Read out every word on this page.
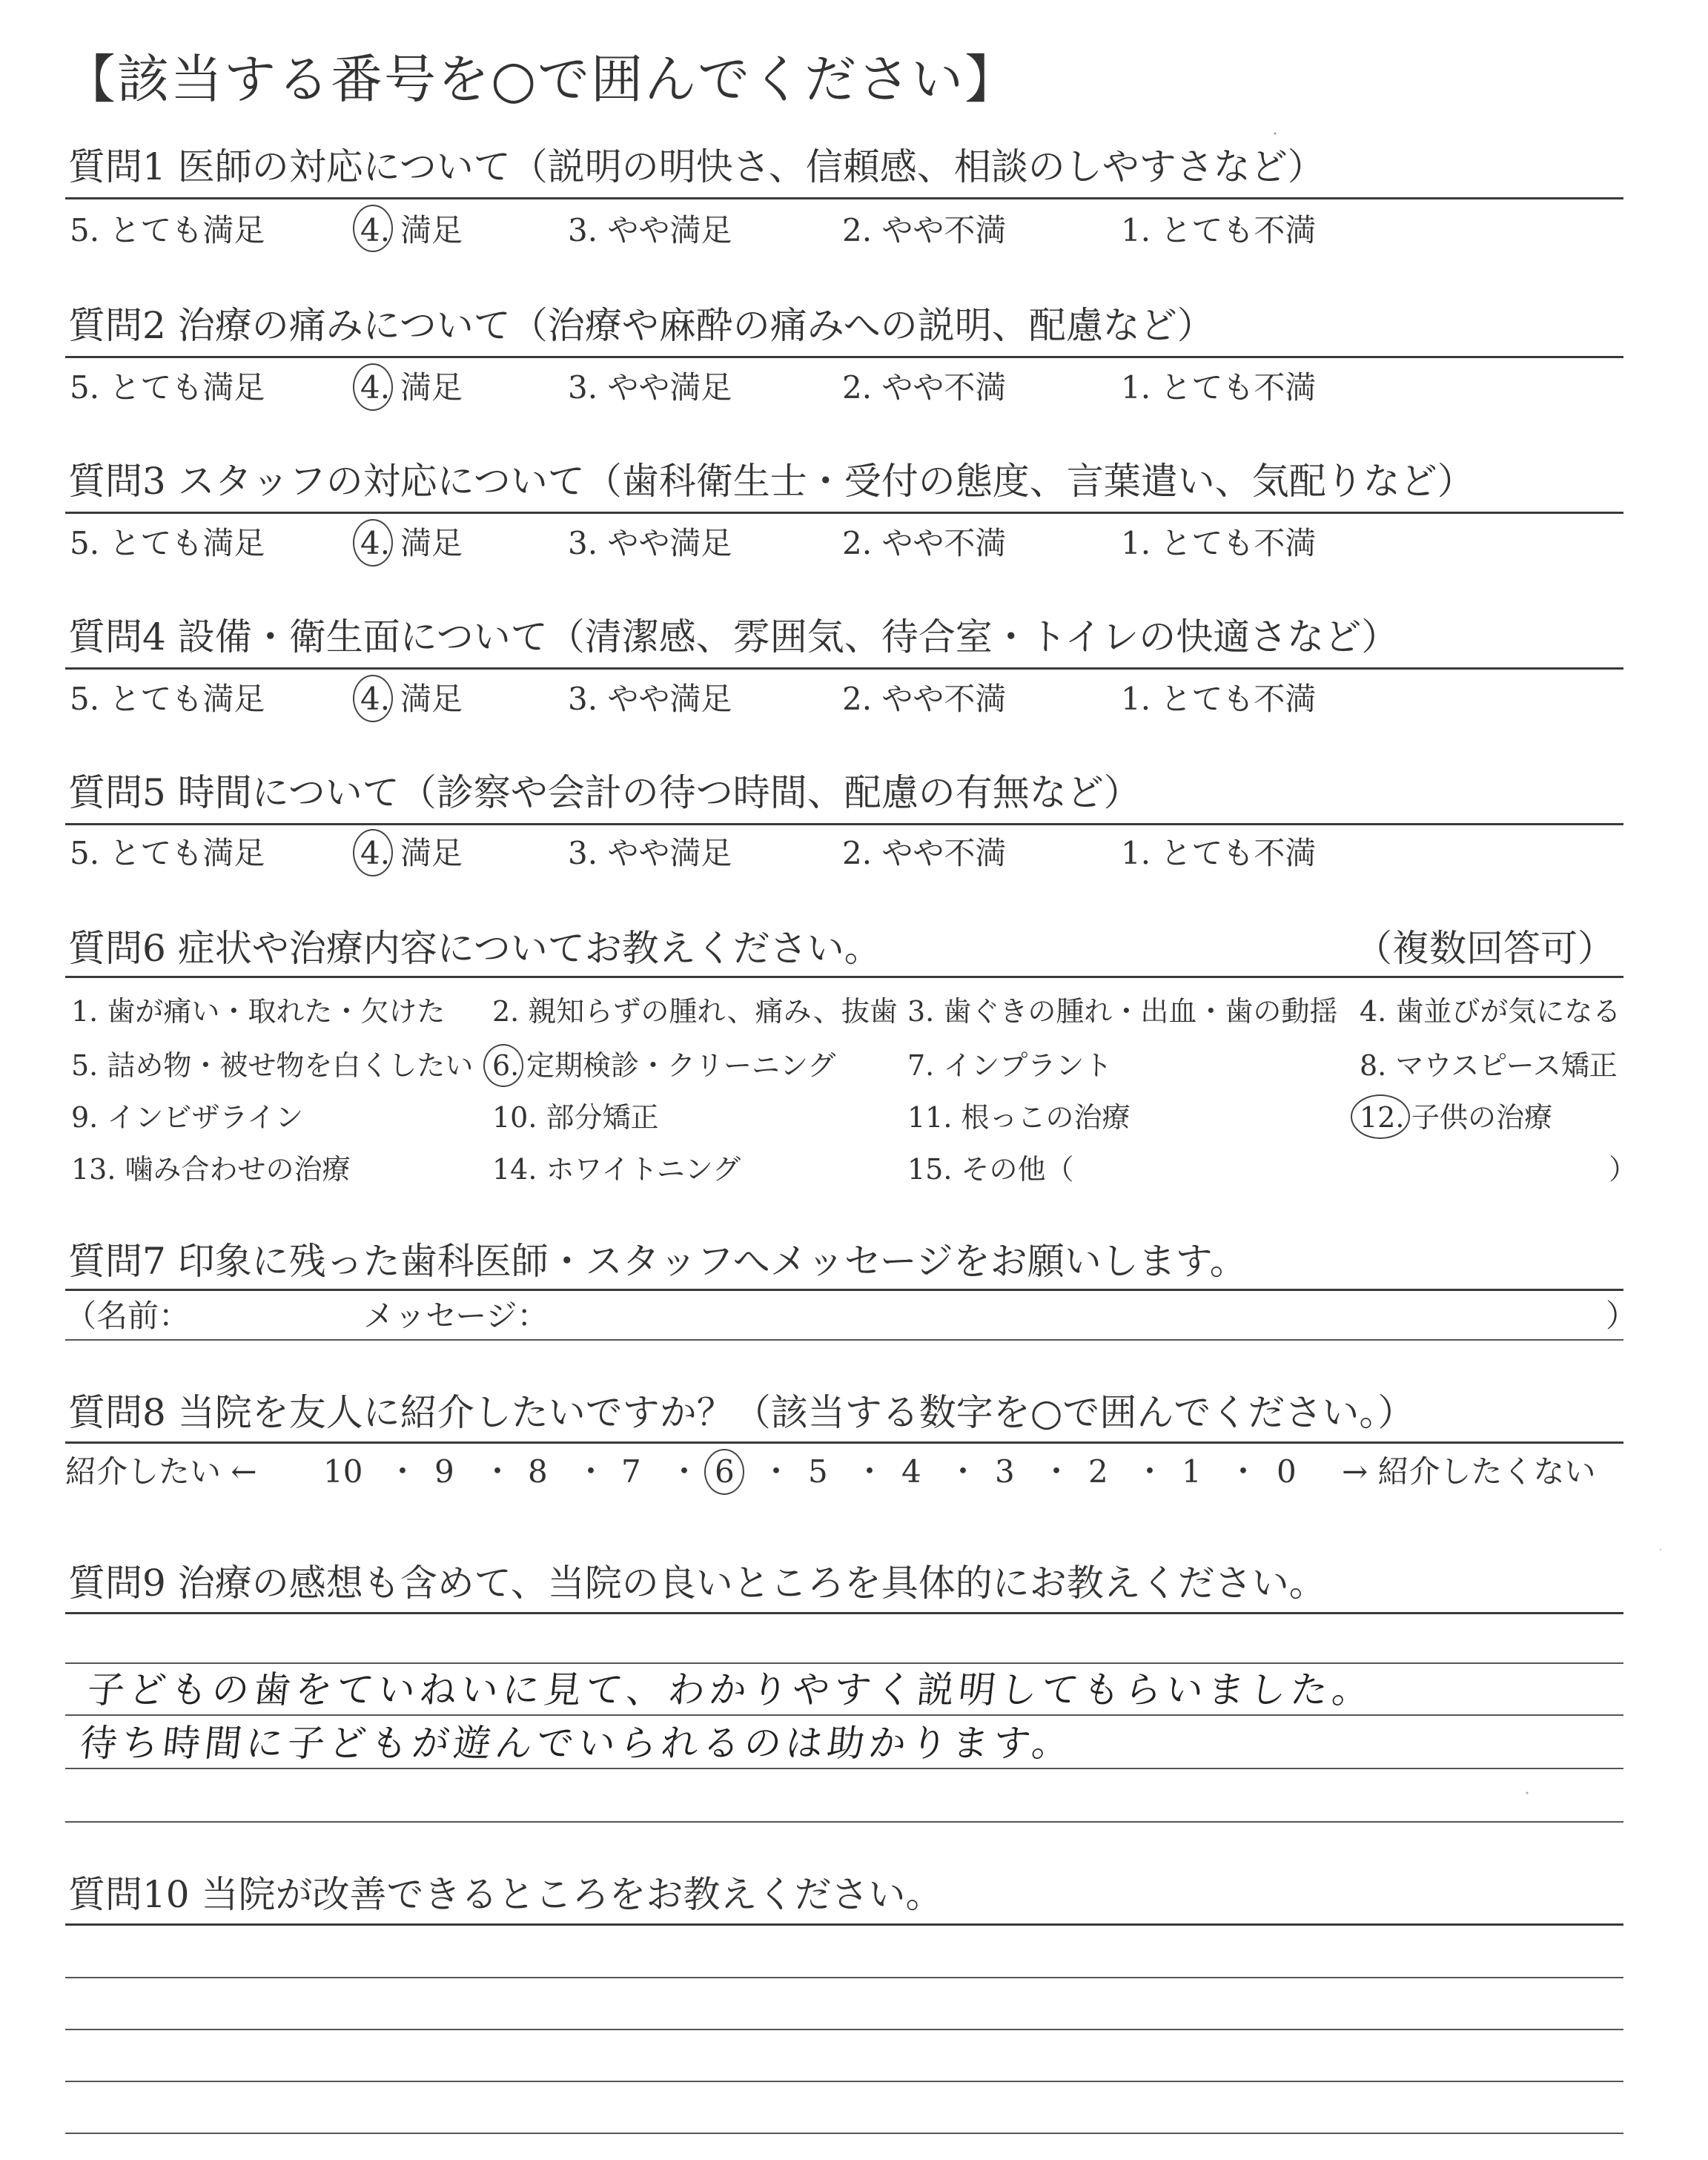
【該当する番号を○で囲んでください】
質問1 医師の対応について（説明の明快さ、信頼感、相談のしやすさなど）
5. とても満足	4. 満足	3. やや満足	2. やや不満	1. とても不満
質問2 治療の痛みについて（治療や麻酔の痛みへの説明、配慮など）
5. とても満足	4. 満足	3. やや満足	2. やや不満	1. とても不満
質問3 スタッフの対応について（歯科衛生士・受付の態度、言葉遣い、気配りなど）
5. とても満足	4. 満足	3. やや満足	2. やや不満	1. とても不満
質問4 設備・衛生面について（清潔感、雰囲気、待合室・トイレの快適さなど）
5. とても満足	4. 満足	3. やや満足	2. やや不満	1. とても不満
質問5 時間について（診察や会計の待つ時間、配慮の有無など）
5. とても満足	4. 満足	3. やや満足	2. やや不満	1. とても不満
質問6 症状や治療内容についてお教えください。	（複数回答可）
1. 歯が痛い・取れた・欠けた 2. 親知らずの腫れ、痛み、抜歯 3. 歯ぐきの腫れ・出血・歯の動揺 4. 歯並びが気になる
5. 詰め物・被せ物を白くしたい 6. 定期検診・クリーニング	7. インプラント	8. マウスピース矯正
9. インビザライン	10. 部分矯正	11. 根っこの治療	12. 子供の治療
13. 噛み合わせの治療	14. ホワイトニング	15. その他（	）
質問7 印象に残った歯科医師・スタッフへメッセージをお願いします。
（名前：	メッセージ：	）
質問8 当院を友人に紹介したいですか？（該当する数字を○で囲んでください。）
紹介したい ← 10 ・ 9 ・ 8 ・ 7 ・ 6 ・ 5 ・ 4 ・ 3 ・ 2 ・ 1 ・ 0 → 紹介したくない
質問9 治療の感想も含めて、当院の良いところを具体的にお教えください。
子どもの歯をていねいに見て、わかりやすく説明してもらいました。
待ち時間に子どもが遊んでいられるのは助かります。
質問10 当院が改善できるところをお教えください。
